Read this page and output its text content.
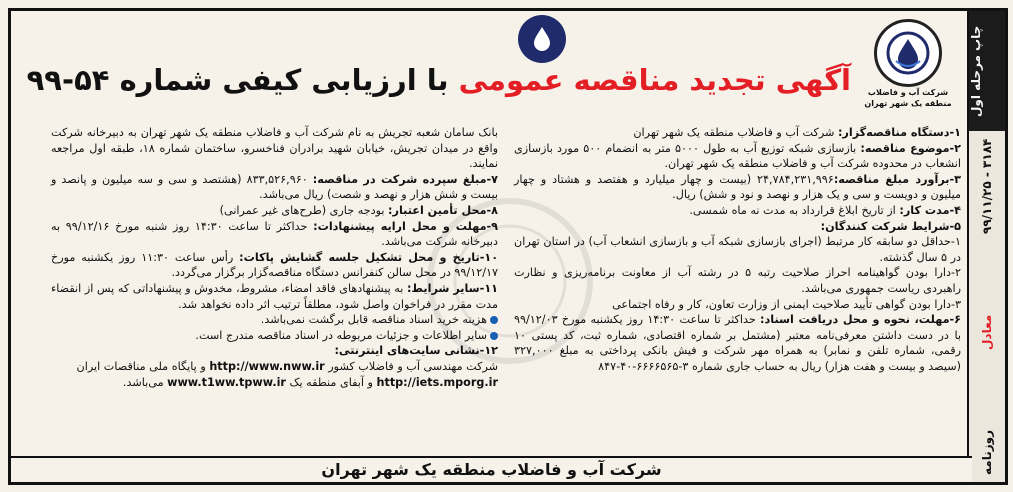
چاپ مرحله اول
روزنامه
معادل
۹۹/۱۱/۲۵ - ۳۱۸۴
شرکت آب و فاضلاب
منطقه یک شهر تهران
آگهی تجدید مناقصه عمومی با ارزیابی کیفی شماره ۵۴-۹۹

۱-دستگاه مناقصه‌گزار: شرکت آب و فاضلاب منطقه یک شهر تهران

۲-موضوع مناقصه: بازسازی شبکه توزیع آب به طول ۵۰۰۰ متر به انضمام ۵۰۰ مورد بازسازی انشعاب در محدوده شرکت آب و فاضلاب منطقه یک شهر تهران.

۳-برآورد مبلغ مناقصه:۲۴,۷۸۴,۲۳۱,۹۹۶ (بیست و چهار میلیارد و هفتصد و هشتاد و چهار میلیون و دویست و سی و یک هزار و نهصد و نود و شش) ریال.

۴-مدت کار: از تاریخ ابلاغ قرارداد به مدت نه ماه شمسی.

۵-شرایط شرکت کنندگان:

۱-حداقل دو سابقه کار مرتبط (اجرای بازسازی شبکه آب و بازسازی انشعاب آب) در استان تهران در ۵ سال گذشته.

۲-دارا بودن گواهینامه احراز صلاحیت رتبه ۵ در رشته آب از معاونت برنامه‌ریزی و نظارت راهبردی ریاست جمهوری می‌باشد.

۳-دارا بودن گواهی تأیید صلاحیت ایمنی از وزارت تعاون، کار و رفاه اجتماعی

۶-مهلت، نحوه و محل دریافت اسناد: حداکثر تا ساعت ۱۴:۳۰ روز یکشنبه مورخ ۹۹/۱۲/۰۳ با در دست داشتن معرفی‌نامه معتبر (مشتمل بر شماره اقتصادی، شماره ثبت، کد پستی ۱۰ رقمی، شماره تلفن و نمابر) به همراه مهر شرکت و فیش بانکی پرداختی به مبلغ ۳۲۷,۰۰۰ (سیصد و بیست و هفت هزار) ریال به حساب جاری شماره ۳-۶۶۶۶۵۶۵-۴۰-۸۴۷

بانک سامان شعبه تجریش به نام شرکت آب و فاضلاب منطقه یک شهر تهران به دبیرخانه شرکت واقع در میدان تجریش، خیابان شهید برادران فناخسرو، ساختمان شماره ۱۸، طبقه اول مراجعه نمایند.

۷-مبلغ سپرده شرکت در مناقصه: ۸۳۳,۵۲۶,۹۶۰ (هشتصد و سی و سه میلیون و پانصد و بیست و شش هزار و نهصد و شصت) ریال می‌باشد.

۸-محل تأمین اعتبار: بودجه جاری (طرح‌های غیر عمرانی)

۹-مهلت و محل ارایه پیشنهادات: حداکثر تا ساعت ۱۴:۳۰ روز شنبه مورخ ۹۹/۱۲/۱۶ به دبیرخانه شرکت می‌باشد.

۱۰-تاریخ و محل تشکیل جلسه گشایش پاکات: رأس ساعت ۱۱:۳۰ روز یکشنبه مورخ ۹۹/۱۲/۱۷ در محل سالن کنفرانس دستگاه مناقصه‌گزار برگزار می‌گردد.

۱۱-سایر شرایط: به پیشنهادهای فاقد امضاء، مشروط، مخدوش و پیشنهاداتی که پس از انقضاء مدت مقرر در فراخوان واصل شود، مطلقاً ترتیب اثر داده نخواهد شد.

هزینه خرید اسناد مناقصه قابل برگشت نمی‌باشد.

سایر اطلاعات و جزئیات مربوطه در اسناد مناقصه مندرج است.

۱۲-نشانی سایت‌های اینترنتی:

شرکت مهندسی آب و فاضلاب کشور http://www.nww.ir و پایگاه ملی مناقصات ایران

http://iets.mporg.ir و آبفای منطقه یک www.t1ww.tpww.ir می‌باشد.

شرکت آب و فاضلاب منطقه یک شهر تهران
